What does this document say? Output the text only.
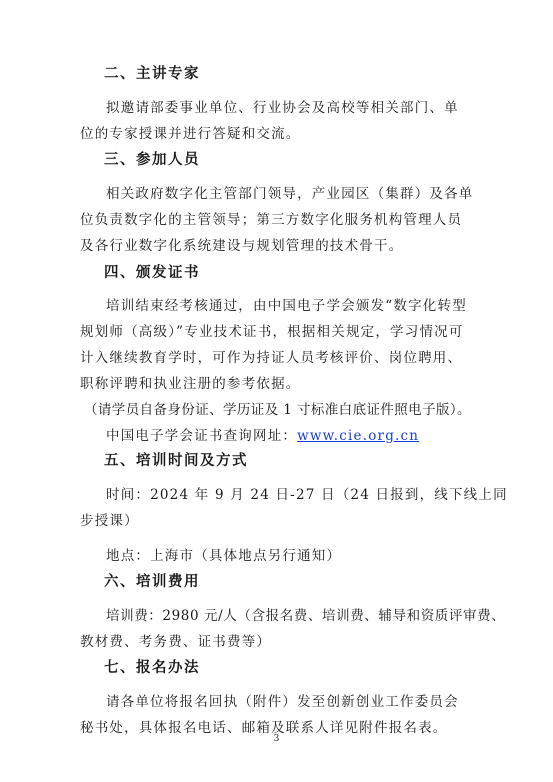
二、主讲专家
拟邀请部委事业单位、行业协会及高校等相关部门、单
位的专家授课并进行答疑和交流。
三、参加人员
相关政府数字化主管部门领导，产业园区（集群）及各单
位负责数字化的主管领导；第三方数字化服务机构管理人员
及各行业数字化系统建设与规划管理的技术骨干。
四、颁发证书
培训结束经考核通过，由中国电子学会颁发“数字化转型
规划师（高级）”专业技术证书，根据相关规定，学习情况可
计入继续教育学时，可作为持证人员考核评价、岗位聘用、
职称评聘和执业注册的参考依据。
（请学员自备身份证、学历证及 1 寸标准白底证件照电子版）。
中国电子学会证书查询网址：www.cie.org.cn
五、培训时间及方式
时间：2024 年 9 月 24 日-27 日（24 日报到，线下线上同
步授课）
地点：上海市（具体地点另行通知）
六、培训费用
培训费：2980 元/人（含报名费、培训费、辅导和资质评审费、
教材费、考务费、证书费等）
七、报名办法
请各单位将报名回执（附件）发至创新创业工作委员会
秘书处，具体报名电话、邮箱及联系人详见附件报名表。
3
